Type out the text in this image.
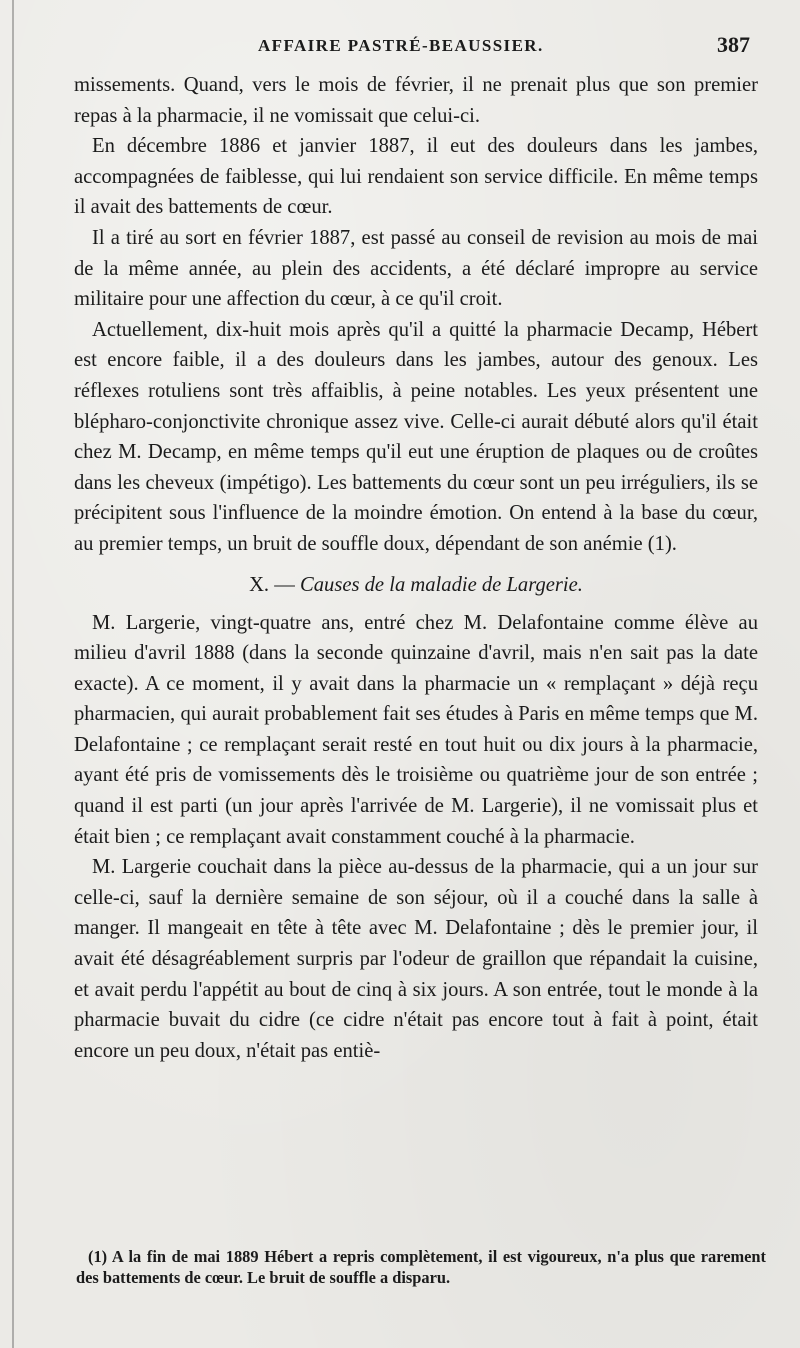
AFFAIRE PASTRÉ-BEAUSSIER.	387

missements. Quand, vers le mois de février, il ne prenait plus que son premier repas à la pharmacie, il ne vomissait que celui-ci.

En décembre 1886 et janvier 1887, il eut des douleurs dans les jambes, accompagnées de faiblesse, qui lui rendaient son service difficile. En même temps il avait des battements de cœur.

Il a tiré au sort en février 1887, est passé au conseil de revision au mois de mai de la même année, au plein des accidents, a été déclaré impropre au service militaire pour une affection du cœur, à ce qu'il croit.

Actuellement, dix-huit mois après qu'il a quitté la pharmacie Decamp, Hébert est encore faible, il a des douleurs dans les jambes, autour des genoux. Les réflexes rotuliens sont très affaiblis, à peine notables. Les yeux présentent une blépharo-conjonctivite chronique assez vive. Celle-ci aurait débuté alors qu'il était chez M. Decamp, en même temps qu'il eut une éruption de plaques ou de croûtes dans les cheveux (impétigo). Les battements du cœur sont un peu irréguliers, ils se précipitent sous l'influence de la moindre émotion. On entend à la base du cœur, au premier temps, un bruit de souffle doux, dépendant de son anémie (1).

X. — Causes de la maladie de Largerie.

M. Largerie, vingt-quatre ans, entré chez M. Delafontaine comme élève au milieu d'avril 1888 (dans la seconde quinzaine d'avril, mais n'en sait pas la date exacte). A ce moment, il y avait dans la pharmacie un « remplaçant » déjà reçu pharmacien, qui aurait probablement fait ses études à Paris en même temps que M. Delafontaine ; ce remplaçant serait resté en tout huit ou dix jours à la pharmacie, ayant été pris de vomissements dès le troisième ou quatrième jour de son entrée ; quand il est parti (un jour après l'arrivée de M. Largerie), il ne vomissait plus et était bien ; ce remplaçant avait constamment couché à la pharmacie.

M. Largerie couchait dans la pièce au-dessus de la pharmacie, qui a un jour sur celle-ci, sauf la dernière semaine de son séjour, où il a couché dans la salle à manger. Il mangeait en tête à tête avec M. Delafontaine ; dès le premier jour, il avait été désagréablement surpris par l'odeur de graillon que répandait la cuisine, et avait perdu l'appétit au bout de cinq à six jours. A son entrée, tout le monde à la pharmacie buvait du cidre (ce cidre n'était pas encore tout à fait à point, était encore un peu doux, n'était pas entiè-

(1) A la fin de mai 1889 Hébert a repris complètement, il est vigoureux, n'a plus que rarement des battements de cœur. Le bruit de souffle a disparu.
